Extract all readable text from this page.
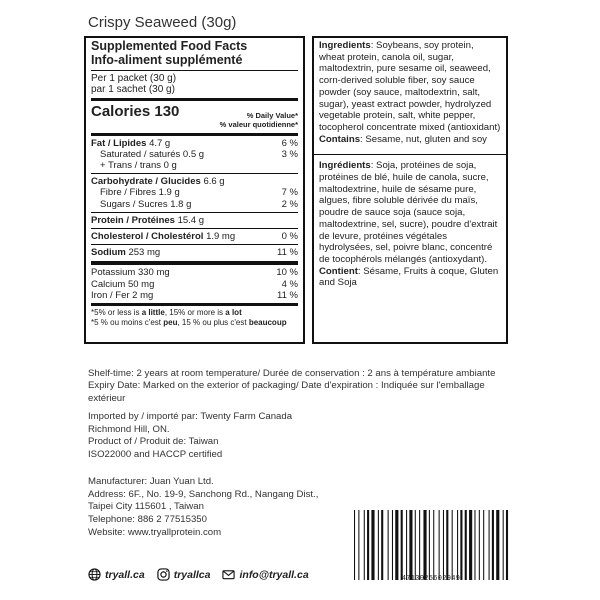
Crispy Seaweed (30g)
Supplemented Food Facts
Info-aliment supplémenté
Per 1 packet (30 g)
par 1 sachet (30 g)
Calories 130	% Daily Value*
% valeur quotidienne*
Fat / Lipides 4.7 g	6 %
Saturated / saturés 0.5 g	3 %
+ Trans / trans 0 g
Carbohydrate / Glucides 6.6 g
Fibre / Fibres 1.9 g	7 %
Sugars / Sucres 1.8 g	2 %
Protein / Protéines 15.4 g
Cholesterol / Cholestérol 1.9 mg	0 %
Sodium 253 mg	11 %
Potassium 330 mg	10 %
Calcium 50 mg	4 %
Iron / Fer 2 mg	11 %
*5% or less is a little, 15% or more is a lot
*5 % ou moins c'est peu, 15 % ou plus c'est beaucoup

Ingredients: Soybeans, soy protein, wheat protein, canola oil, sugar, maltodextrin, pure sesame oil, seaweed, corn-derived soluble fiber, soy sauce powder (soy sauce, maltodextrin, salt, sugar), yeast extract powder, hydrolyzed vegetable protein, salt, white pepper, tocopherol concentrate mixed (antioxidant)

Contains: Sesame, nut, gluten and soy

Ingrédients: Soja, protéines de soja, protéines de blé, huile de canola, sucre, maltodextrine, huile de sésame pure, algues, fibre soluble dérivée du maïs, poudre de sauce soja (sauce soja, maltodextrine, sel, sucre), poudre d'extrait de levure, protéines végétales hydrolysées, sel, poivre blanc, concentré de tocophérols mélangés (antioxydant).

Contient: Sésame, Fruits à coque, Gluten and Soja

Shelf-time: 2 years at room temperature/ Durée de conservation : 2 ans à température ambiante

Expiry Date: Marked on the exterior of packaging/ Date d'expiration : Indiquée sur l'emballage extérieur

Imported by / importé par: Twenty Farm Canada

Richmond Hill, ON.

Product of / Produit de: Taiwan

ISO22000 and HACCP certified

Manufacturer: Juan Yuan Ltd.
Address: 6F., No. 19-9, Sanchong Rd., Nangang Dist.,
Taipei City 115601 , Taiwan
Telephone: 886 2 77515350
Website: www.tryallprotein.com
4713025602949
tryall.ca	tryallca	info@tryall.ca
